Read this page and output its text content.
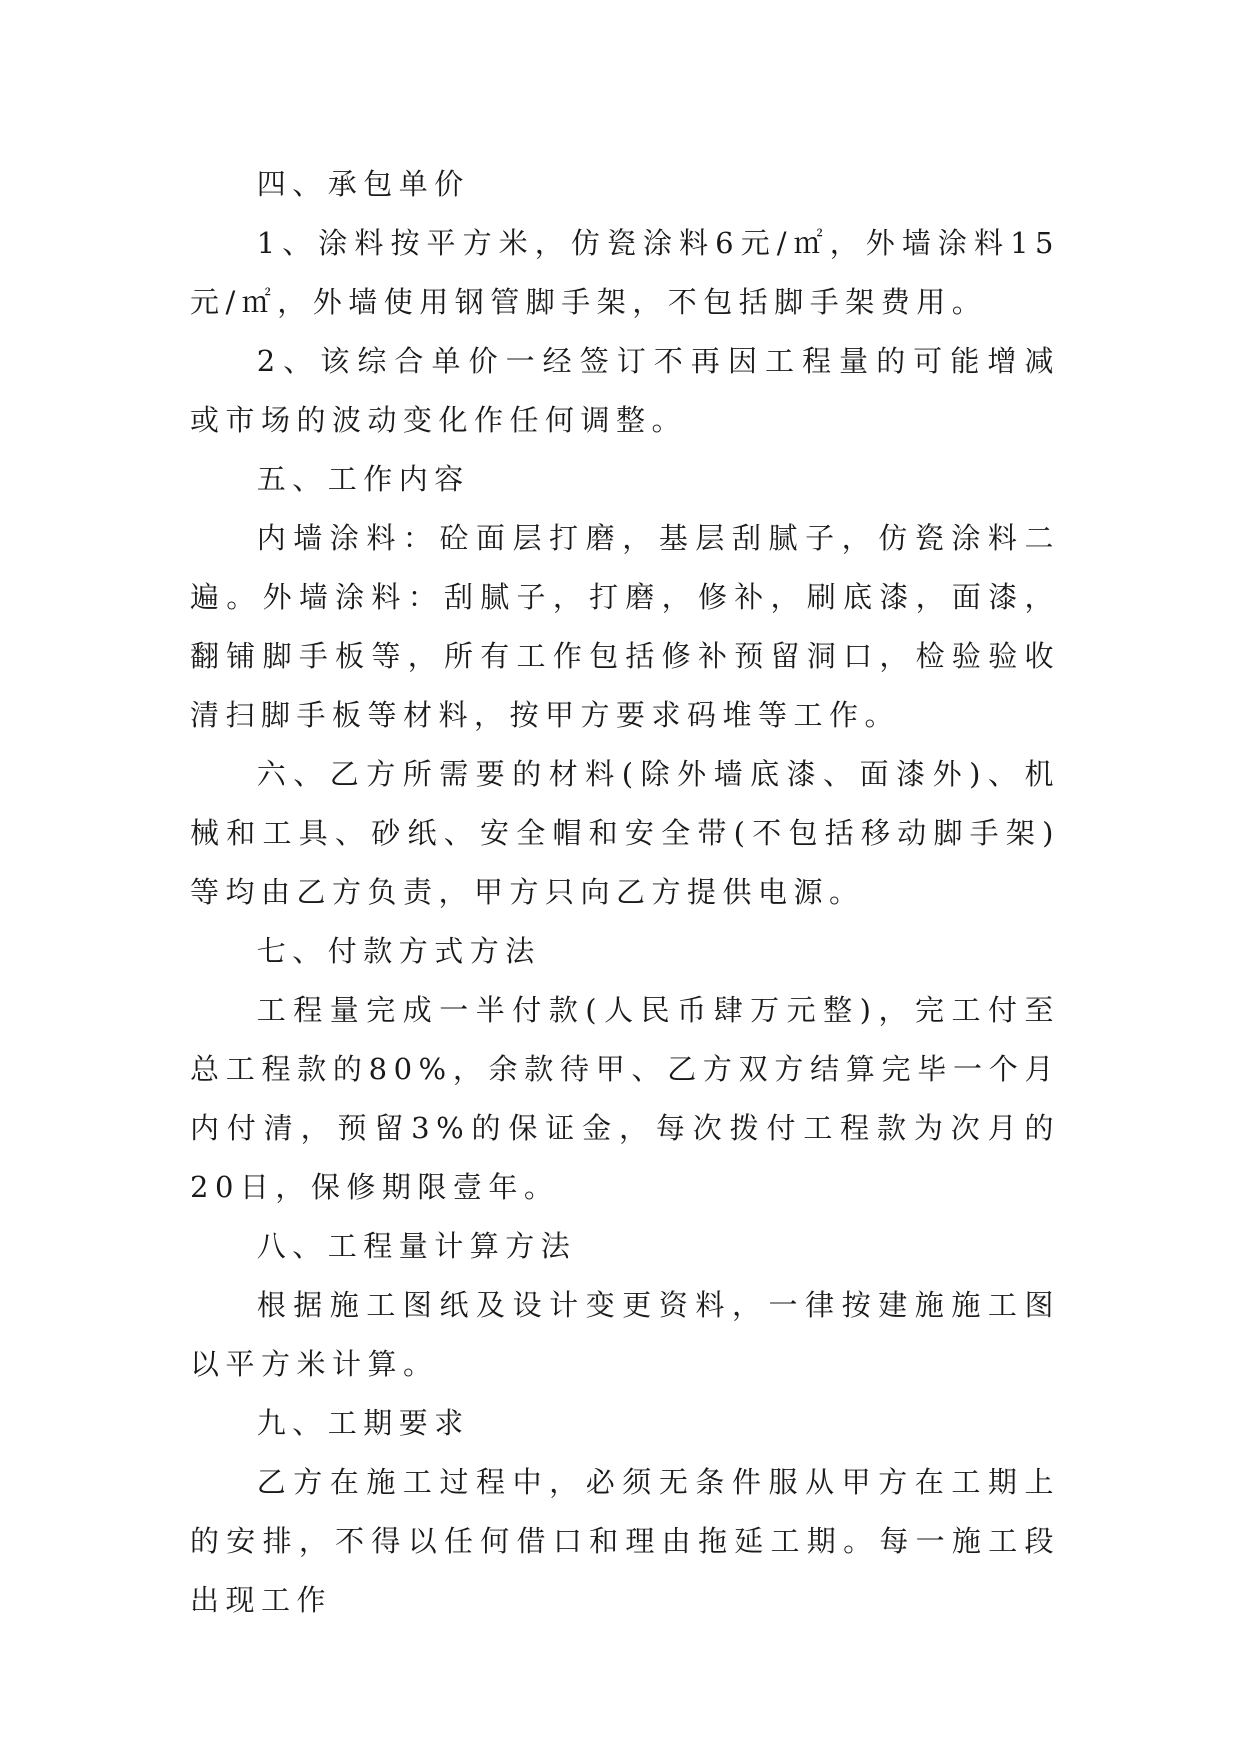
四、承包单价

1、涂料按平方米，仿瓷涂料6元/㎡，外墙涂料15元/㎡，外墙使用钢管脚手架，不包括脚手架费用。

2、该综合单价一经签订不再因工程量的可能增减或市场的波动变化作任何调整。

五、工作内容

内墙涂料：砼面层打磨，基层刮腻子，仿瓷涂料二遍。外墙涂料：刮腻子，打磨，修补，刷底漆，面漆，翻铺脚手板等，所有工作包括修补预留洞口，检验验收清扫脚手板等材料，按甲方要求码堆等工作。

六、乙方所需要的材料(除外墙底漆、面漆外)、机械和工具、砂纸、安全帽和安全带(不包括移动脚手架)等均由乙方负责，甲方只向乙方提供电源。

七、付款方式方法

工程量完成一半付款(人民币肆万元整)，完工付至总工程款的80%，余款待甲、乙方双方结算完毕一个月内付清，预留3%的保证金，每次拨付工程款为次月的20日，保修期限壹年。

八、工程量计算方法

根据施工图纸及设计变更资料，一律按建施施工图以平方米计算。

九、工期要求

乙方在施工过程中，必须无条件服从甲方在工期上的安排，不得以任何借口和理由拖延工期。每一施工段出现工作
